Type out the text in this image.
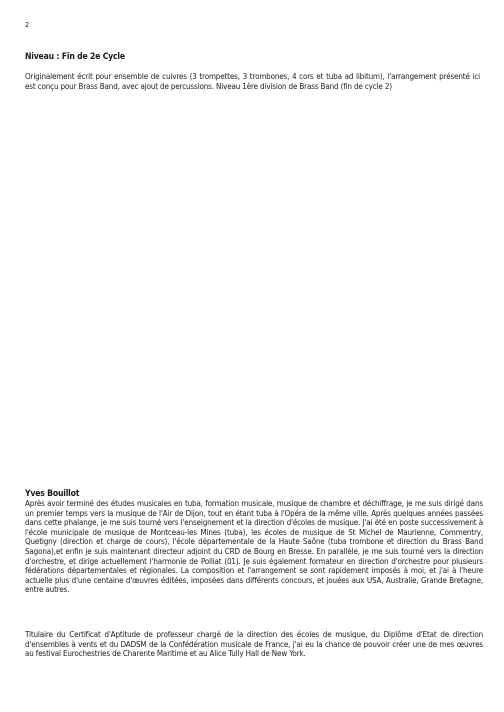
2
Niveau : Fin de 2e Cycle

Originalement écrit pour ensemble de cuivres (3 trompettes, 3 trombones, 4 cors et tuba ad libitum), l'arrangement présenté ici est conçu pour Brass Band, avec ajout de percussions. Niveau 1ère division de Brass Band (fin de cycle 2)

Yves Bouillot

Après avoir terminé des études musicales en tuba, formation musicale, musique de chambre et déchiffrage, je me suis dirigé dans un premier temps vers la musique de l'Air de Dijon, tout en étant tuba à l'Opéra de la même ville. Après quelques années passées dans cette phalange, je me suis tourné vers l'enseignement et la direction d'écoles de musique. J'ai été en poste successivement à l'école municipale de musique de Montceau-les Mines (tuba), les écoles de musique de St Michel de Maurienne, Commentry, Quetigny (direction et charge de cours), l'école départementale de la Haute Saône (tuba trombone et direction du Brass Band Sagona),et enfin je suis maintenant directeur adjoint du CRD de Bourg en Bresse. En parallèle, je me suis tourné vers la direction d'orchestre, et dirige actuellement l'harmonie de Polliat (01). Je suis également formateur en direction d'orchestre pour plusieurs fédérations départementales et régionales. La composition et l'arrangement se sont rapidement imposés à moi, et j'ai à l'heure actuelle plus d'une centaine d'œuvres éditées, imposées dans différents concours, et jouées aux USA, Australie, Grande Bretagne, entre autres.

Titulaire du Certificat d'Aptitude de professeur chargé de la direction des écoles de musique, du Diplôme d'Etat de direction d'ensembles à vents et du DADSM de la Confédération musicale de France, j'ai eu la chance de pouvoir créer une de mes œuvres au festival Eurochestries de Charente Maritime et au Alice Tully Hall de New York.
